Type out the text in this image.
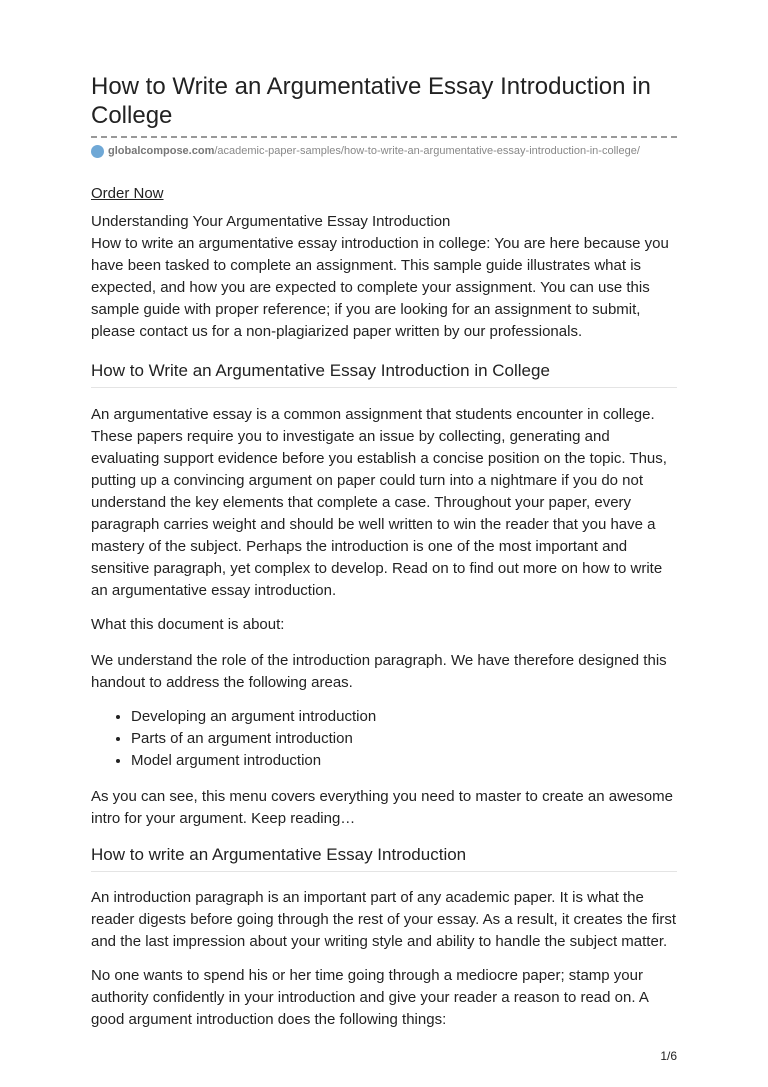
How to Write an Argumentative Essay Introduction in College
globalcompose.com /academic-paper-samples/how-to-write-an-argumentative-essay-introduction-in-college/
Order Now

Understanding Your Argumentative Essay Introduction

How to write an argumentative essay introduction in college: You are here because you have been tasked to complete an assignment. This sample guide illustrates what is expected, and how you are expected to complete your assignment. You can use this sample guide with proper reference; if you are looking for an assignment to submit, please contact us for a non-plagiarized paper written by our professionals.

How to Write an Argumentative Essay Introduction in College

An argumentative essay is a common assignment that students encounter in college. These papers require you to investigate an issue by collecting, generating and evaluating support evidence before you establish a concise position on the topic. Thus, putting up a convincing argument on paper could turn into a nightmare if you do not understand the key elements that complete a case. Throughout your paper, every paragraph carries weight and should be well written to win the reader that you have a mastery of the subject. Perhaps the introduction is one of the most important and sensitive paragraph, yet complex to develop. Read on to find out more on how to write an argumentative essay introduction.

What this document is about:

We understand the role of the introduction paragraph. We have therefore designed this handout to address the following areas.

• Developing an argument introduction
• Parts of an argument introduction
• Model argument introduction

As you can see, this menu covers everything you need to master to create an awesome intro for your argument. Keep reading…

How to write an Argumentative Essay Introduction

An introduction paragraph is an important part of any academic paper. It is what the reader digests before going through the rest of your essay. As a result, it creates the first and the last impression about your writing style and ability to handle the subject matter.

No one wants to spend his or her time going through a mediocre paper; stamp your authority confidently in your introduction and give your reader a reason to read on. A good argument introduction does the following things:

1/6
